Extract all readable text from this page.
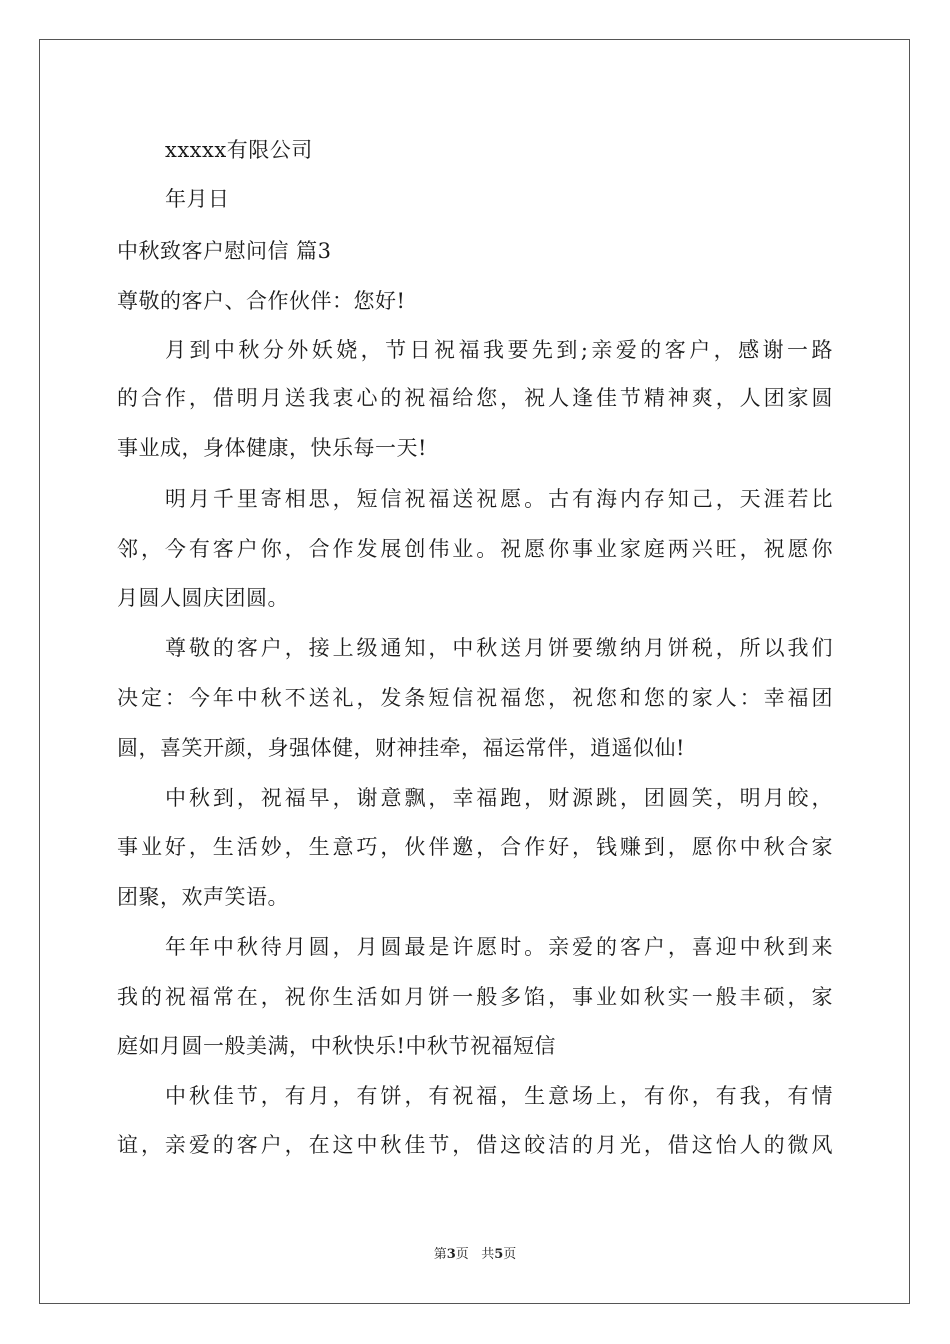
xxxxx有限公司
年月日
中秋致客户慰问信 篇3
尊敬的客户、合作伙伴：您好!
月到中秋分外妖娆，节日祝福我要先到;亲爱的客户，感谢一路
的合作，借明月送我衷心的祝福给您，祝人逢佳节精神爽，人团家圆
事业成，身体健康，快乐每一天!
明月千里寄相思，短信祝福送祝愿。古有海内存知己，天涯若比
邻，今有客户你，合作发展创伟业。祝愿你事业家庭两兴旺，祝愿你
月圆人圆庆团圆。
尊敬的客户，接上级通知，中秋送月饼要缴纳月饼税，所以我们
决定：今年中秋不送礼，发条短信祝福您，祝您和您的家人：幸福团
圆，喜笑开颜，身强体健，财神挂牵，福运常伴，逍遥似仙!
中秋到，祝福早，谢意飘，幸福跑，财源跳，团圆笑，明月皎，
事业好，生活妙，生意巧，伙伴邀，合作好，钱赚到，愿你中秋合家
团聚，欢声笑语。
年年中秋待月圆，月圆最是许愿时。亲爱的客户，喜迎中秋到来
我的祝福常在，祝你生活如月饼一般多馅，事业如秋实一般丰硕，家
庭如月圆一般美满，中秋快乐!中秋节祝福短信
中秋佳节，有月，有饼，有祝福，生意场上，有你，有我，有情
谊，亲爱的客户，在这中秋佳节，借这皎洁的月光，借这怡人的微风
第3页   共5页
